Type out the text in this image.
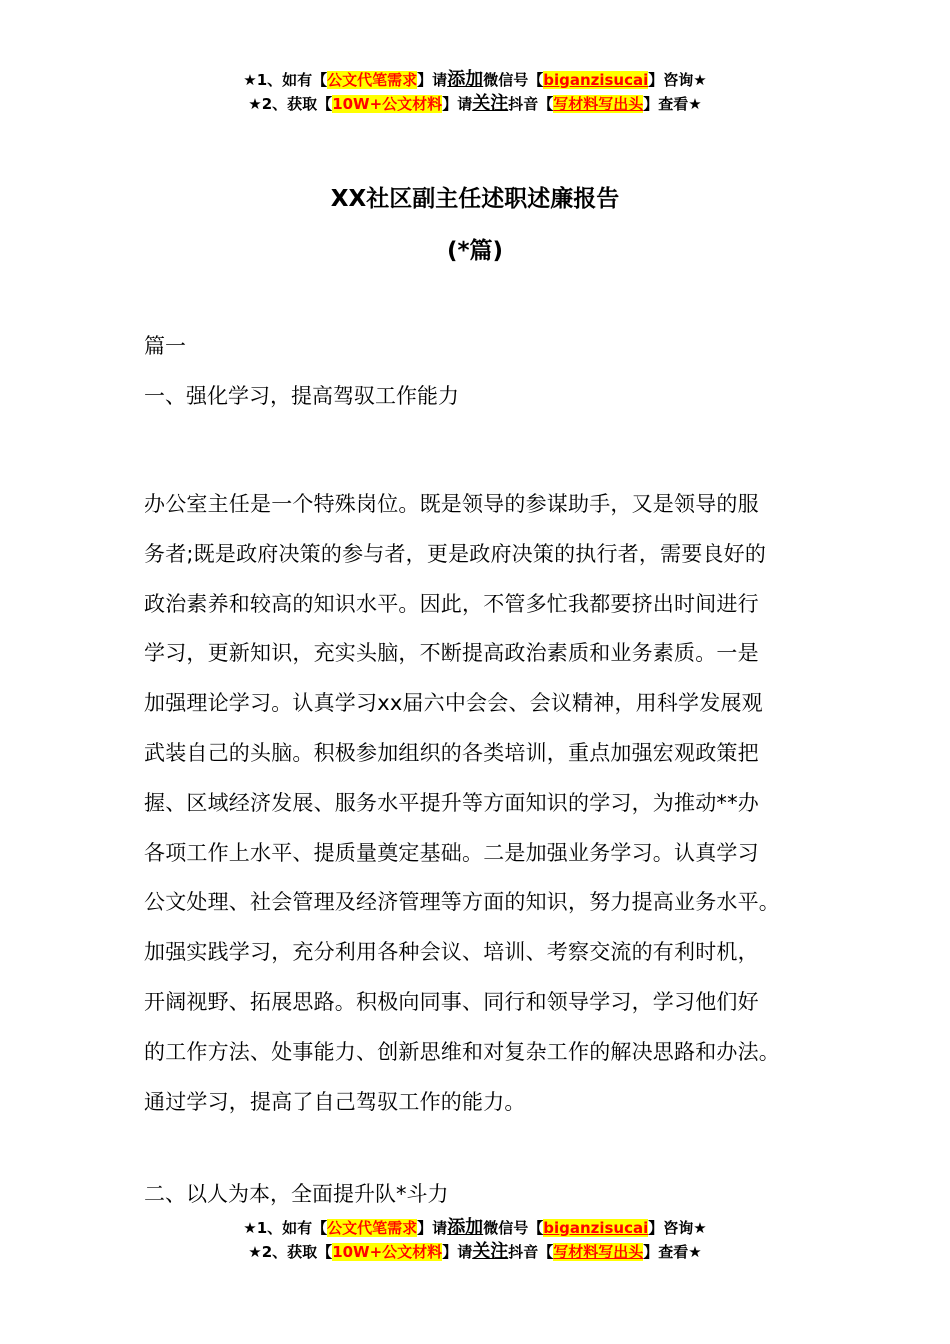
★1、如有【公文代笔需求】请添加微信号【biganzisucai】咨询★
★2、获取【10W+公文材料】请关注抖音【写材料写出头】查看★
XX社区副主任述职述廉报告
(*篇)
篇一
一、强化学习，提高驾驭工作能力
办公室主任是一个特殊岗位。既是领导的参谋助手，又是领导的服
务者;既是政府决策的参与者，更是政府决策的执行者，需要良好的
政治素养和较高的知识水平。因此，不管多忙我都要挤出时间进行
学习，更新知识，充实头脑，不断提高政治素质和业务素质。一是
加强理论学习。认真学习xx届六中会会、会议精神，用科学发展观
武装自己的头脑。积极参加组织的各类培训，重点加强宏观政策把
握、区域经济发展、服务水平提升等方面知识的学习，为推动**办
各项工作上水平、提质量奠定基础。二是加强业务学习。认真学习
公文处理、社会管理及经济管理等方面的知识，努力提高业务水平。
加强实践学习，充分利用各种会议、培训、考察交流的有利时机，
开阔视野、拓展思路。积极向同事、同行和领导学习，学习他们好
的工作方法、处事能力、创新思维和对复杂工作的解决思路和办法。
通过学习，提高了自己驾驭工作的能力。
二、以人为本，全面提升队*斗力
★1、如有【公文代笔需求】请添加微信号【biganzisucai】咨询★
★2、获取【10W+公文材料】请关注抖音【写材料写出头】查看★
